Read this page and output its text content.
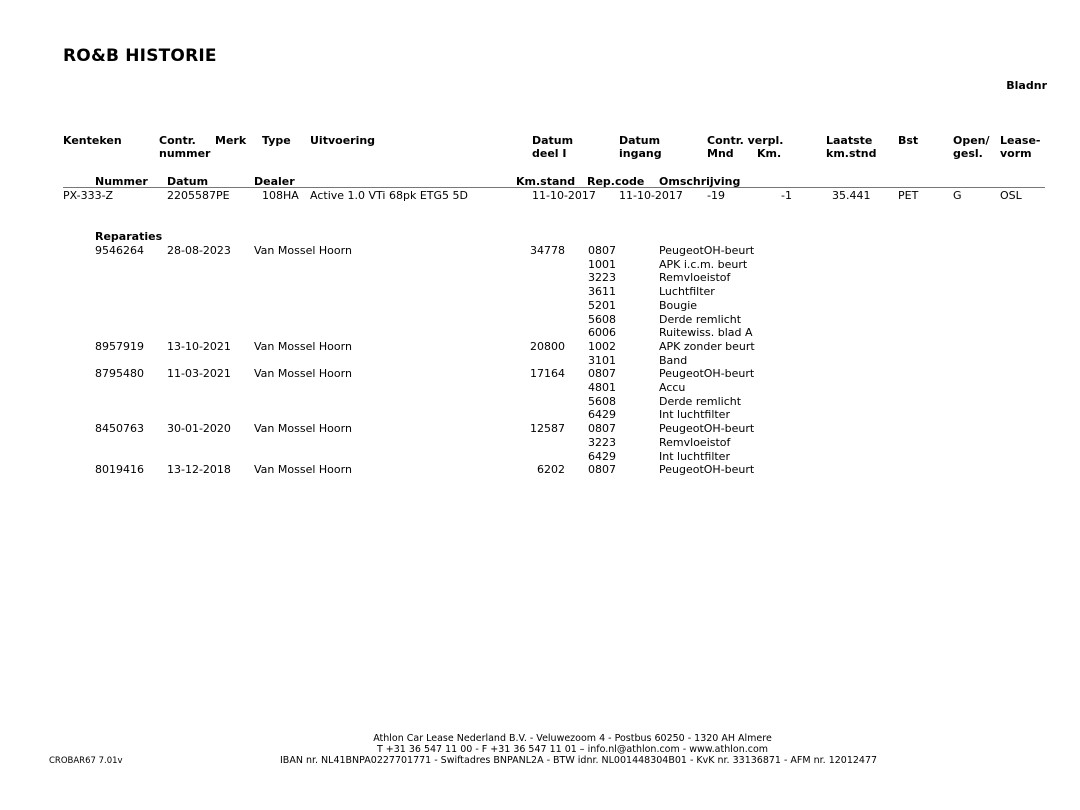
RO&B HISTORIE
Bladnr
Kenteken	Contr.
nummer
Merk Type Uitvoering	Datum
deel I
Datum
ingang
Contr. verpl.
Mnd Km.
Laatste
km.stnd
Bst	Open/
gesl.
Lease-
vorm
Nummer Datum	Dealer	Km.stand Rep.code Omschrijving
PX-333-Z	2205587PE	108HA Active 1.0 VTi 68pk ETG5 5D	11-10-2017 11-10-2017 -19	-1	35.441	PET	G	OSL
Reparaties
9546264 28-08-2023 Van Mossel Hoorn	34778 0807	PeugeotOH-beurt
1001	APK i.c.m. beurt
3223	Remvloeistof
3611	Luchtfilter
5201	Bougie
5608	Derde remlicht
6006	Ruitewiss. blad A
8957919 13-10-2021 Van Mossel Hoorn	20800 1002	APK zonder beurt
3101	Band
8795480 11-03-2021 Van Mossel Hoorn	17164 0807	PeugeotOH-beurt
4801	Accu
5608	Derde remlicht
6429	Int luchtfilter
8450763 30-01-2020 Van Mossel Hoorn	12587 0807	PeugeotOH-beurt
3223	Remvloeistof
6429	Int luchtfilter
8019416 13-12-2018 Van Mossel Hoorn	6202 0807	PeugeotOH-beurt
Athlon Car Lease Nederland B.V. - Veluwezoom 4 - Postbus 60250 - 1320 AH Almere
T +31 36 547 11 00 - F +31 36 547 11 01 – info.nl@athlon.com - www.athlon.com
IBAN nr. NL41BNPA0227701771 - Swiftadres BNPANL2A - BTW idnr. NL001448304B01 - KvK nr. 33136871 - AFM nr. 12012477
CROBAR67 7.01v
